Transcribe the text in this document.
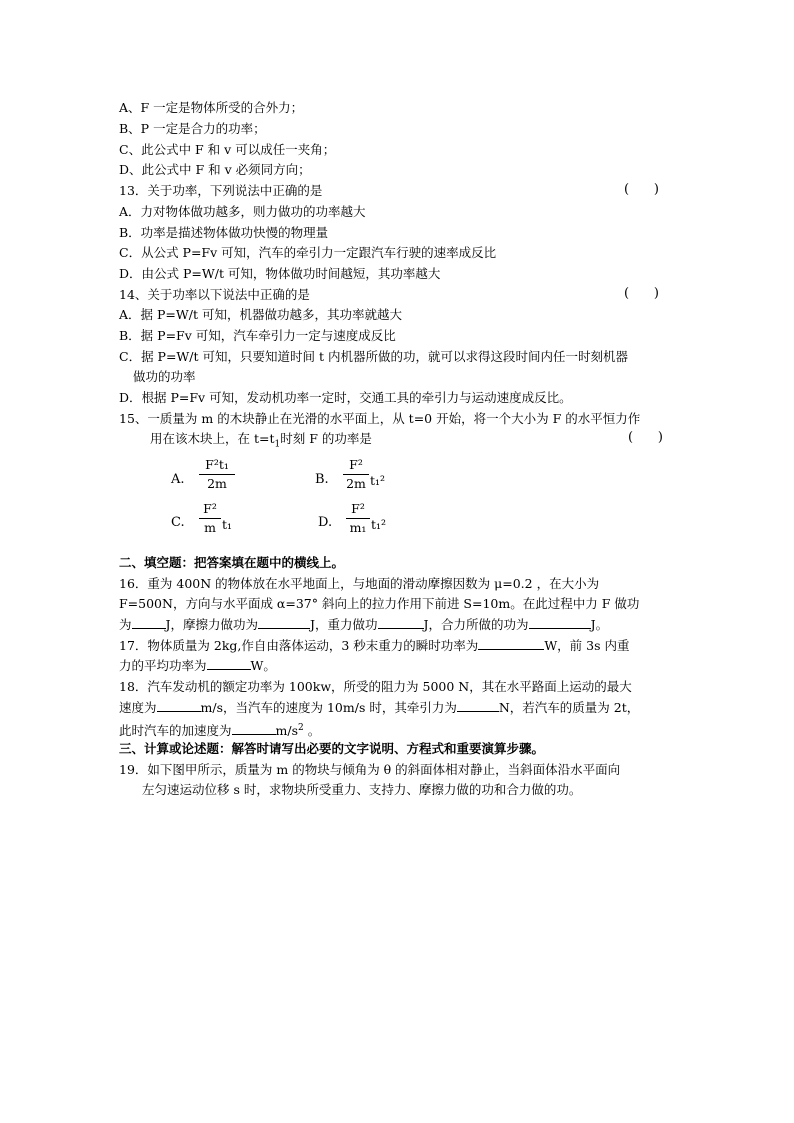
A、F 一定是物体所受的合外力；
B、P 一定是合力的功率；
C、此公式中 F 和 v 可以成任一夹角；
D、此公式中 F 和 v 必须同方向；
13．关于功率，下列说法中正确的是	(      )
A．力对物体做功越多，则力做功的功率越大
B．功率是描述物体做功快慢的物理量
C．从公式 P=Fv 可知，汽车的牵引力一定跟汽车行驶的速率成反比
D．由公式 P=W/t 可知，物体做功时间越短，其功率越大
14、关于功率以下说法中正确的是	(      )
A．据 P=W/t 可知，机器做功越多，其功率就越大
B．据 P=Fv 可知，汽车牵引力一定与速度成反比
C．据 P=W/t 可知，只要知道时间 t 内机器所做的功，就可以求得这段时间内任一时刻机器
做功的功率
D．根据 P=Fv 可知，发动机功率一定时，交通工具的牵引力与运动速度成反比。
15、一质量为 m 的木块静止在光滑的水平面上，从 t=0 开始，将一个大小为 F 的水平恒力作
用在该木块上，在 $t=t_1$时刻 F 的功率是	(      )
A.
F²t₁
2m	B.
F²
2m t₁²
C.
F²
m t₁	D.
F²
m₁ t₁²
二、填空题：把答案填在题中的横线上。
16．重为 400N 的物体放在水平地面上，与地面的滑动摩擦因数为 μ=0.2 ，在大小为
F=500N，方向与水平面成 α=37° 斜向上的拉力作用下前进 S=10m。在此过程中力 F 做功
为	J，摩擦力做功为	J，重力做功	J，合力所做的功为	J。
17．物体质量为 2kg,作自由落体运动，3 秒末重力的瞬时功率为	W，前 3s 内重
力的平均功率为	W。
18．汽车发动机的额定功率为 100kw，所受的阻力为 5000 N，其在水平路面上运动的最大
速度为	m/s，当汽车的速度为 10m/s 时，其牵引力为	N，若汽车的质量为 2t，
此时汽车的加速度为	$m/s^2$ 。
三、计算或论述题：解答时请写出必要的文字说明、方程式和重要演算步骤。
19．如下图甲所示，质量为 m 的物块与倾角为 θ 的斜面体相对静止，当斜面体沿水平面向
左匀速运动位移 s 时，求物块所受重力、支持力、摩擦力做的功和合力做的功。
